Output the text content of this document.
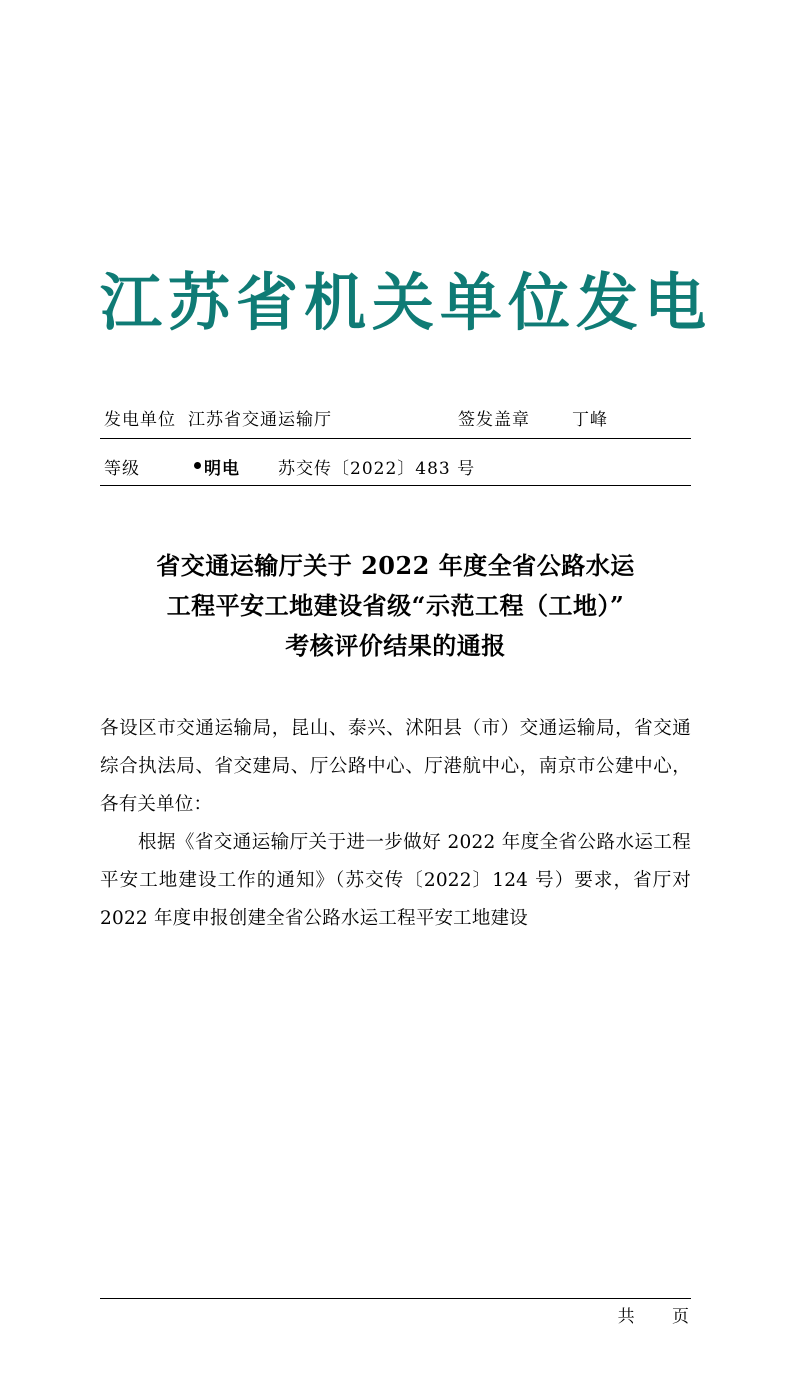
江苏省机关单位发电
发电单位 江苏省交通运输厅	签发盖章 丁峰
等级	明电 苏交传〔2022〕483 号
省交通运输厅关于 2022 年度全省公路水运
工程平安工地建设省级“示范工程（工地）”
考核评价结果的通报

各设区市交通运输局，昆山、泰兴、沭阳县（市）交通运输局，省交通综合执法局、省交建局、厅公路中心、厅港航中心，南京市公建中心，各有关单位：

根据《省交通运输厅关于进一步做好 2022 年度全省公路水运工程平安工地建设工作的通知》（苏交传〔2022〕124 号）要求，省厅对 2022 年度申报创建全省公路水运工程平安工地建设

共 页
